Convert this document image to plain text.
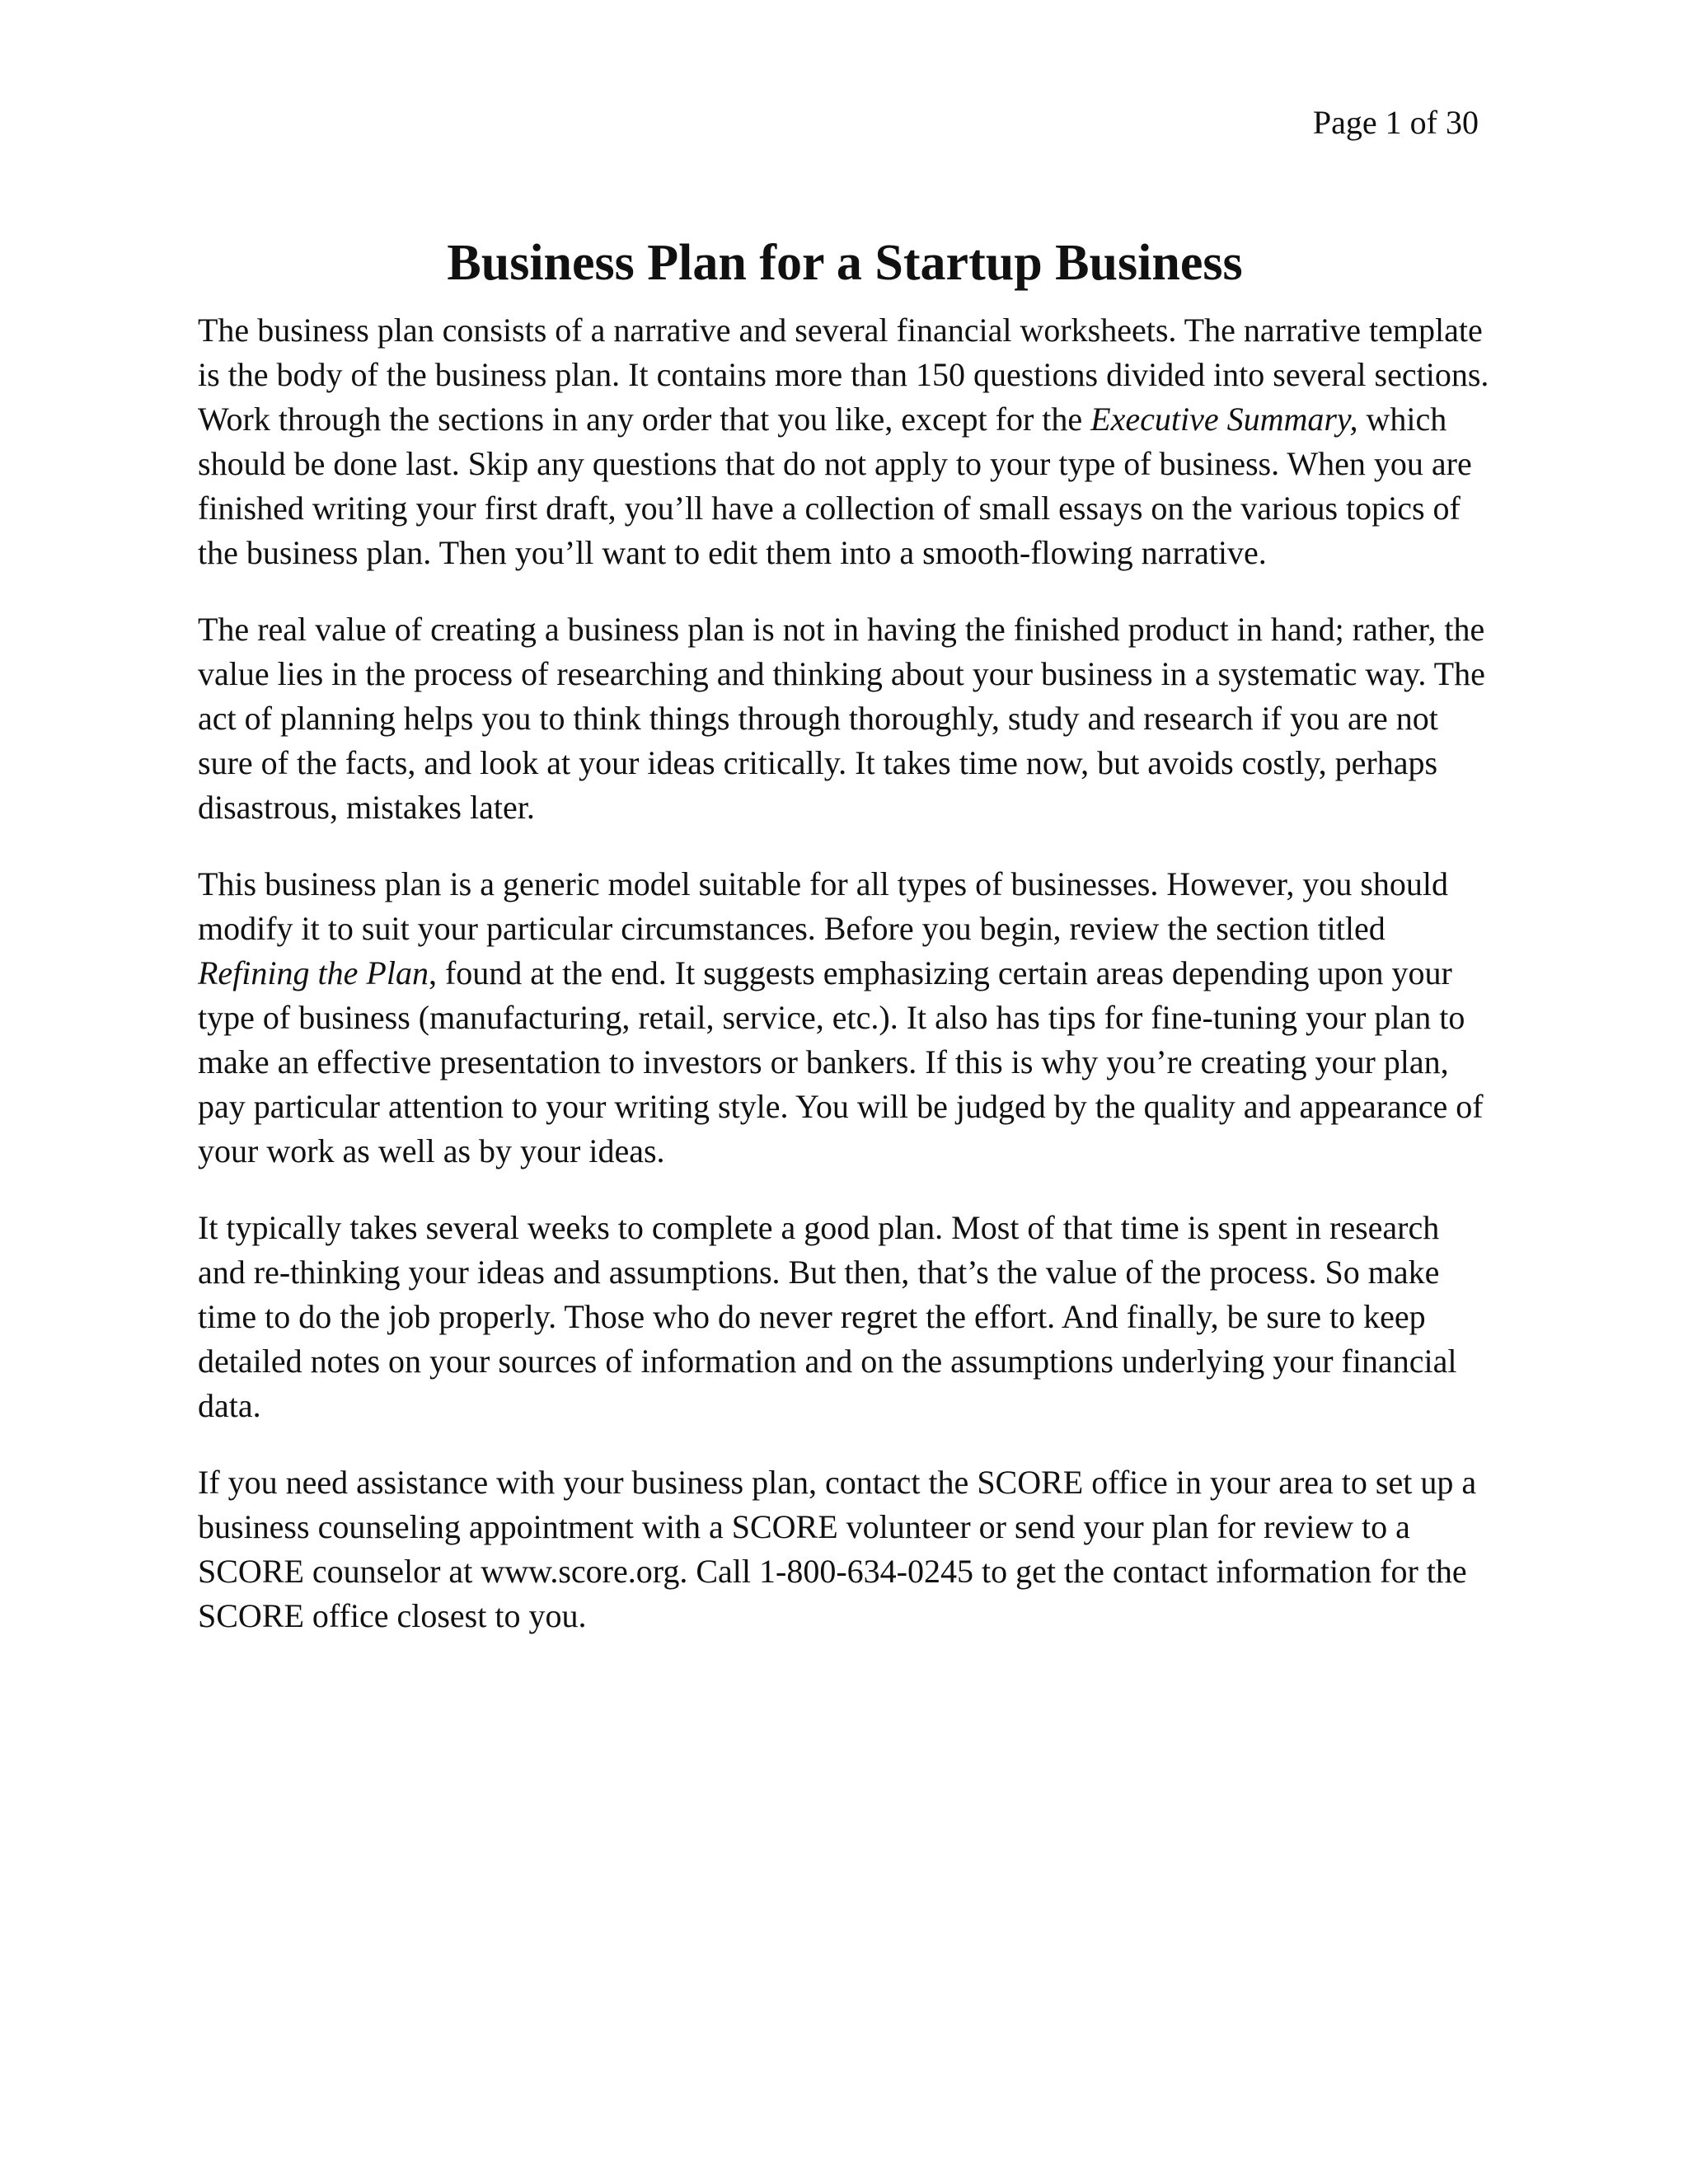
Page 1 of 30
Business Plan for a Startup Business

The business plan consists of a narrative and several financial worksheets. The narrative template is the body of the business plan. It contains more than 150 questions divided into several sections. Work through the sections in any order that you like, except for the Executive Summary, which should be done last. Skip any questions that do not apply to your type of business. When you are finished writing your first draft, you’ll have a collection of small essays on the various topics of the business plan. Then you’ll want to edit them into a smooth-flowing narrative.

The real value of creating a business plan is not in having the finished product in hand; rather, the value lies in the process of researching and thinking about your business in a systematic way. The act of planning helps you to think things through thoroughly, study and research if you are not sure of the facts, and look at your ideas critically. It takes time now, but avoids costly, perhaps disastrous, mistakes later.

This business plan is a generic model suitable for all types of businesses. However, you should modify it to suit your particular circumstances. Before you begin, review the section titled Refining the Plan, found at the end. It suggests emphasizing certain areas depending upon your type of business (manufacturing, retail, service, etc.). It also has tips for fine-tuning your plan to make an effective presentation to investors or bankers. If this is why you’re creating your plan, pay particular attention to your writing style. You will be judged by the quality and appearance of your work as well as by your ideas.

It typically takes several weeks to complete a good plan. Most of that time is spent in research and re-thinking your ideas and assumptions. But then, that’s the value of the process. So make time to do the job properly. Those who do never regret the effort. And finally, be sure to keep detailed notes on your sources of information and on the assumptions underlying your financial data.

If you need assistance with your business plan, contact the SCORE office in your area to set up a business counseling appointment with a SCORE volunteer or send your plan for review to a SCORE counselor at www.score.org. Call 1-800-634-0245 to get the contact information for the SCORE office closest to you.
